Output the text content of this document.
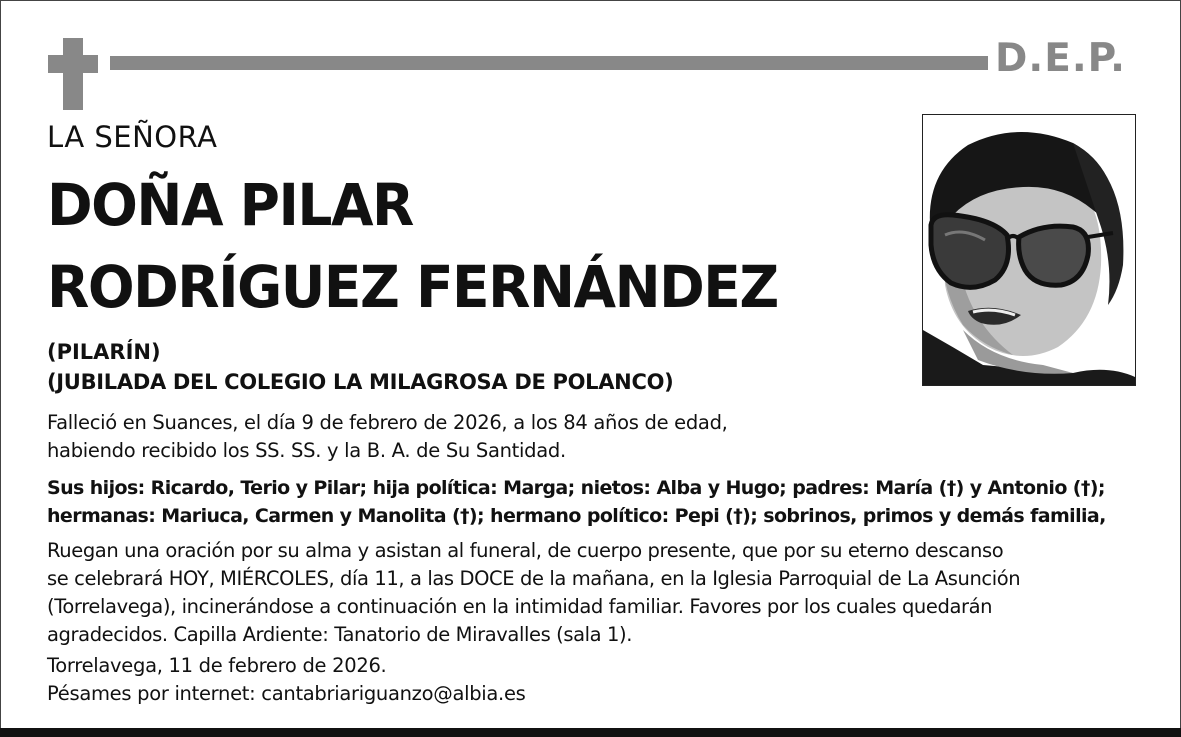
D.E.P.
LA SEÑORA
DOÑA PILAR
RODRÍGUEZ FERNÁNDEZ
(PILARÍN)
(JUBILADA DEL COLEGIO LA MILAGROSA DE POLANCO)
Falleció en Suances, el día 9 de febrero de 2026, a los 84 años de edad,
habiendo recibido los SS. SS. y la B. A. de Su Santidad.
Sus hijos: Ricardo, Terio y Pilar; hija política: Marga; nietos: Alba y Hugo; padres: María (†) y Antonio (†);
hermanas: Mariuca, Carmen y Manolita (†); hermano político: Pepi (†); sobrinos, primos y demás familia,
Ruegan una oración por su alma y asistan al funeral, de cuerpo presente, que por su eterno descanso
se celebrará HOY, MIÉRCOLES, día 11, a las DOCE de la mañana, en la Iglesia Parroquial de La Asunción
(Torrelavega), incinerándose a continuación en la intimidad familiar. Favores por los cuales quedarán
agradecidos. Capilla Ardiente: Tanatorio de Miravalles (sala 1).
Torrelavega, 11 de febrero de 2026.
Pésames por internet: cantabriariguanzo@albia.es
